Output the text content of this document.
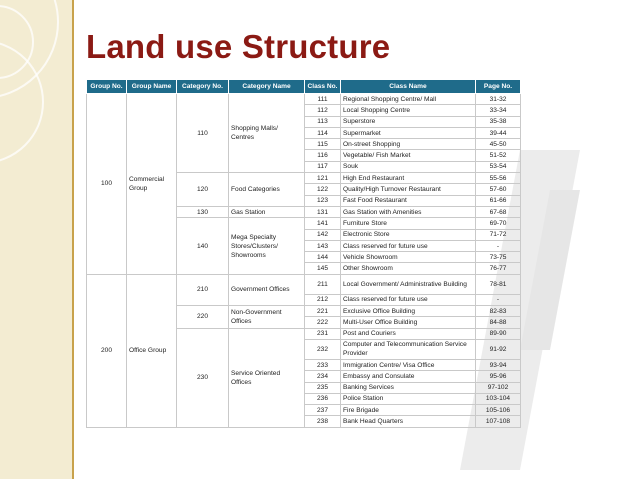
Land use Structure
Group No.	Group Name	Category No.	Category Name	Class No.	Class Name	Page No.
100	Commercial Group	110	Shopping Malls/ Centres	111	Regional Shopping Centre/ Mall	31-32
				112	Local Shopping Centre	33-34
				113	Superstore	35-38
				114	Supermarket	39-44
				115	On-street Shopping	45-50
				116	Vegetable/ Fish Market	51-52
				117	Souk	53-54
		120	Food Categories	121	High End Restaurant	55-56
				122	Quality/High Turnover Restaurant	57-60
				123	Fast Food Restaurant	61-66
		130	Gas Station	131	Gas Station with Amenities	67-68
		140	Mega Specialty Stores/Clusters/ Showrooms	141	Furniture Store	69-70
				142	Electronic Store	71-72
				143	Class reserved for future use	-
				144	Vehicle Showroom	73-75
				145	Other Showroom	76-77
200	Office Group	210	Government Offices	211	Local Government/ Administrative Building	78-81
				212	Class reserved for future use	-
		220	Non-Government Offices	221	Exclusive Office Building	82-83
				222	Multi-User Office Building	84-88
		230	Service Oriented Offices	231	Post and Couriers	89-90
				232	Computer and Telecommunication Service Provider	91-92
				233	Immigration Centre/ Visa Office	93-94
				234	Embassy and Consulate	95-96
				235	Banking Services	97-102
				236	Police Station	103-104
				237	Fire Brigade	105-106
				238	Bank Head Quarters	107-108
